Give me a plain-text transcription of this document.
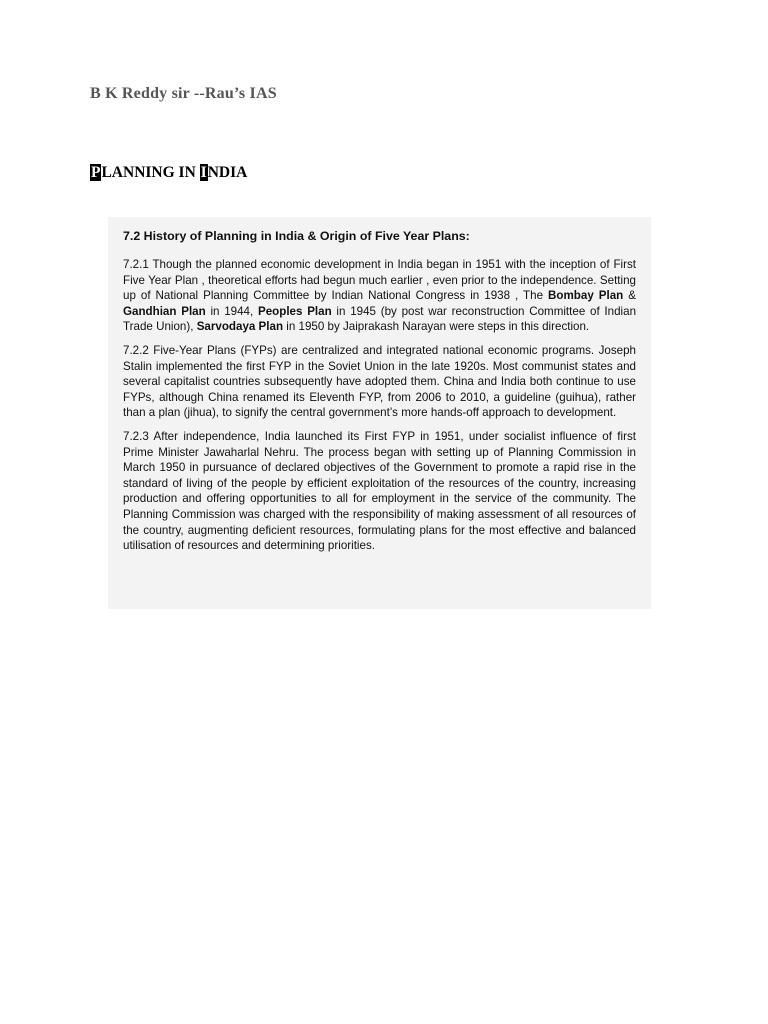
B K Reddy sir --Rau’s IAS
PLANNING IN INDIA
7.2 History of Planning in India & Origin of Five Year Plans:

7.2.1 Though the planned economic development in India began in 1951 with the inception of First Five Year Plan , theoretical efforts had begun much earlier , even prior to the independence. Setting up of National Planning Committee by Indian National Congress in 1938 , The Bombay Plan & Gandhian Plan in 1944, Peoples Plan in 1945 (by post war reconstruction Committee of Indian Trade Union), Sarvodaya Plan in 1950 by Jaiprakash Narayan were steps in this direction.

7.2.2 Five-Year Plans (FYPs) are centralized and integrated national economic programs. Joseph Stalin implemented the first FYP in the Soviet Union in the late 1920s. Most communist states and several capitalist countries subsequently have adopted them. China and India both continue to use FYPs, although China renamed its Eleventh FYP, from 2006 to 2010, a guideline (guihua), rather than a plan (jihua), to signify the central government’s more hands-off approach to development.

7.2.3 After independence, India launched its First FYP in 1951, under socialist influence of first Prime Minister Jawaharlal Nehru. The process began with setting up of Planning Commission in March 1950 in pursuance of declared objectives of the Government to promote a rapid rise in the standard of living of the people by efficient exploitation of the resources of the country, increasing production and offering opportunities to all for employment in the service of the community. The Planning Commission was charged with the responsibility of making assessment of all resources of the country, augmenting deficient resources, formulating plans for the most effective and balanced utilisation of resources and determining priorities.
